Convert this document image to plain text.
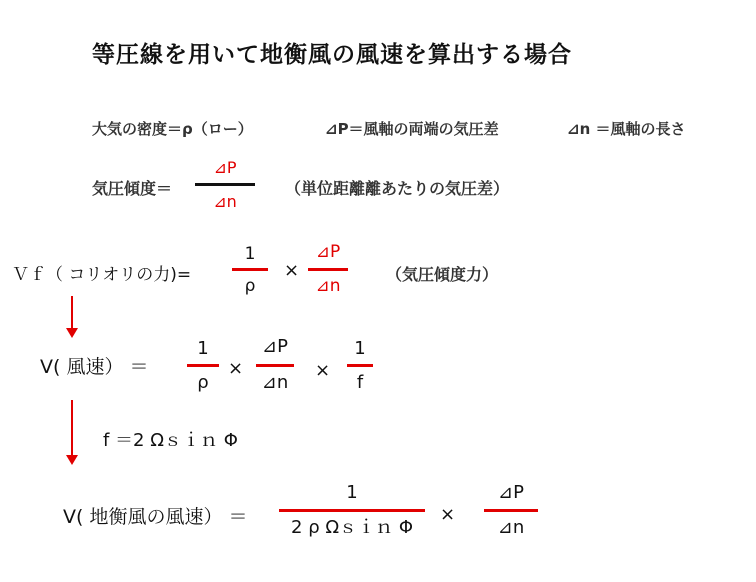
等圧線を用いて地衡風の風速を算出する場合
大気の密度＝ρ（ロー）	⊿P＝風軸の両端の気圧差	⊿n ＝風軸の長さ
気圧傾度＝
⊿P
⊿n
（単位距離離あたりの気圧差）
Ｖｆ（ コリオリの力)=
1
ρ
×
⊿P
⊿n
（気圧傾度力）
V( 風速） ＝
1
ρ
×
⊿P
⊿n
×
1
f
f ＝2 Ωｓｉｎ Φ
V( 地衡風の風速） ＝
1
2 ρ Ωｓｉｎ Φ
×
⊿P
⊿n
